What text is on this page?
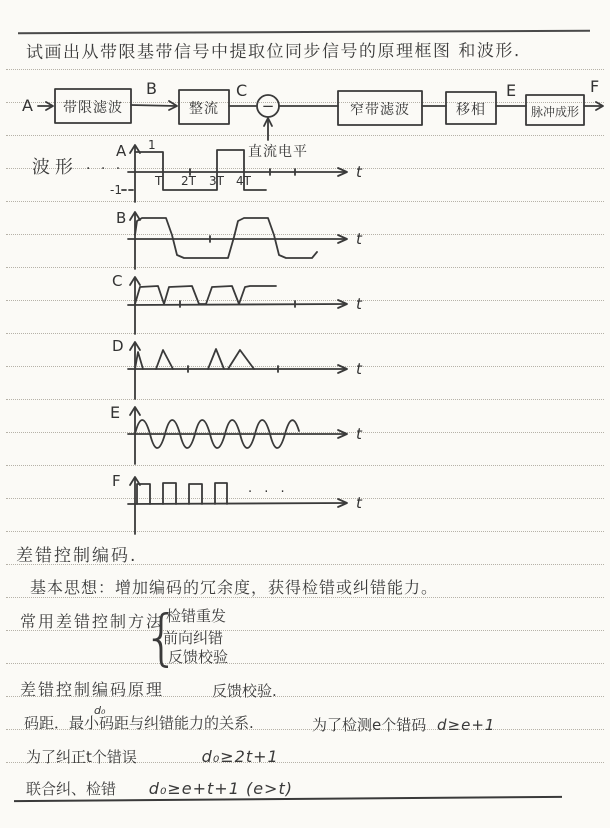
试画出从带限基带信号中提取位同步信号的原理框图 和波形.
A 带限滤波
B
整流
C
−
直流电平
窄带滤波	移相
E
脉冲成形
F
波形 · · ·
A
t
1
-1
T 2T 3T 4T
B
t
C
t
D
t
E
t
F
t
· · ·
差错控制编码.
基本思想：增加编码的冗余度，获得检错或纠错能力。
常用差错控制方法
{
检错重发
前向纠错
反馈校验
差错控制编码原理	反馈校验.
d₀
码距．最小码距与纠错能力的关系.	为了检测e个错码 d≥e+1
为了纠正t个错误	d₀≥2t+1
联合纠、检错 d₀≥e+t+1 (e>t)
